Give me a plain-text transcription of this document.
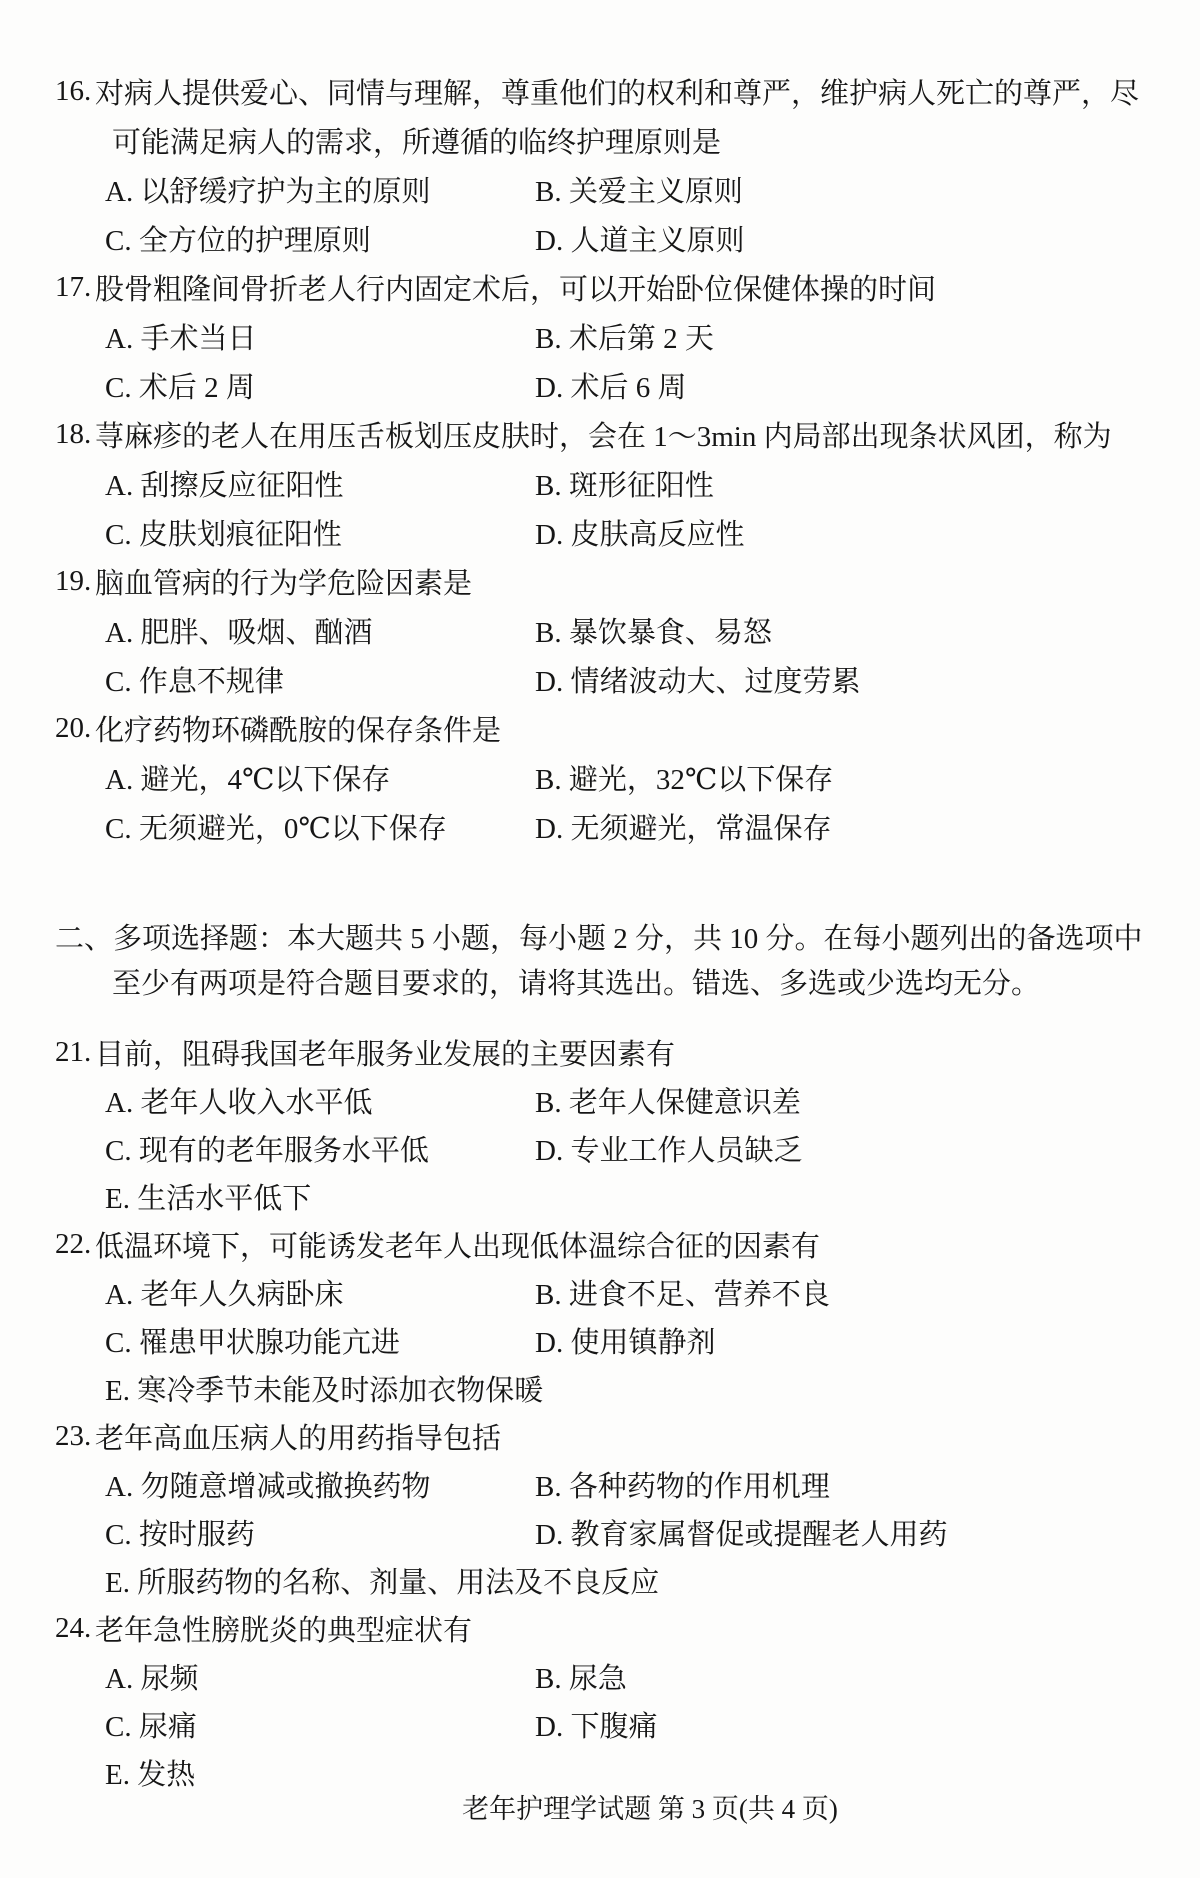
16. 对病人提供爱心、同情与理解，尊重他们的权利和尊严，维护病人死亡的尊严，尽
可能满足病人的需求，所遵循的临终护理原则是
A. 以舒缓疗护为主的原则	B. 关爱主义原则
C. 全方位的护理原则	D. 人道主义原则
17. 股骨粗隆间骨折老人行内固定术后，可以开始卧位保健体操的时间
A. 手术当日	B. 术后第 2 天
C. 术后 2 周	D. 术后 6 周
18. 荨麻疹的老人在用压舌板划压皮肤时，会在 1～3min 内局部出现条状风团，称为
A. 刮擦反应征阳性	B. 斑形征阳性
C. 皮肤划痕征阳性	D. 皮肤高反应性
19. 脑血管病的行为学危险因素是
A. 肥胖、吸烟、酗酒	B. 暴饮暴食、易怒
C. 作息不规律	D. 情绪波动大、过度劳累
20. 化疗药物环磷酰胺的保存条件是
A. 避光，4℃以下保存	B. 避光，32℃以下保存
C. 无须避光，0℃以下保存	D. 无须避光，常温保存
二、 多项选择题：本大题共 5 小题，每小题 2 分，共 10 分。在每小题列出的备选项中
至少有两项是符合题目要求的，请将其选出。错选、多选或少选均无分。
21. 目前，阻碍我国老年服务业发展的主要因素有
A. 老年人收入水平低	B. 老年人保健意识差
C. 现有的老年服务水平低	D. 专业工作人员缺乏
E. 生活水平低下
22. 低温环境下，可能诱发老年人出现低体温综合征的因素有
A. 老年人久病卧床	B. 进食不足、营养不良
C. 罹患甲状腺功能亢进	D. 使用镇静剂
E. 寒冷季节未能及时添加衣物保暖
23. 老年高血压病人的用药指导包括
A. 勿随意增减或撤换药物	B. 各种药物的作用机理
C. 按时服药	D. 教育家属督促或提醒老人用药
E. 所服药物的名称、剂量、用法及不良反应
24. 老年急性膀胱炎的典型症状有
A. 尿频	B. 尿急
C. 尿痛	D. 下腹痛
E. 发热
老年护理学试题 第 3 页(共 4 页)
